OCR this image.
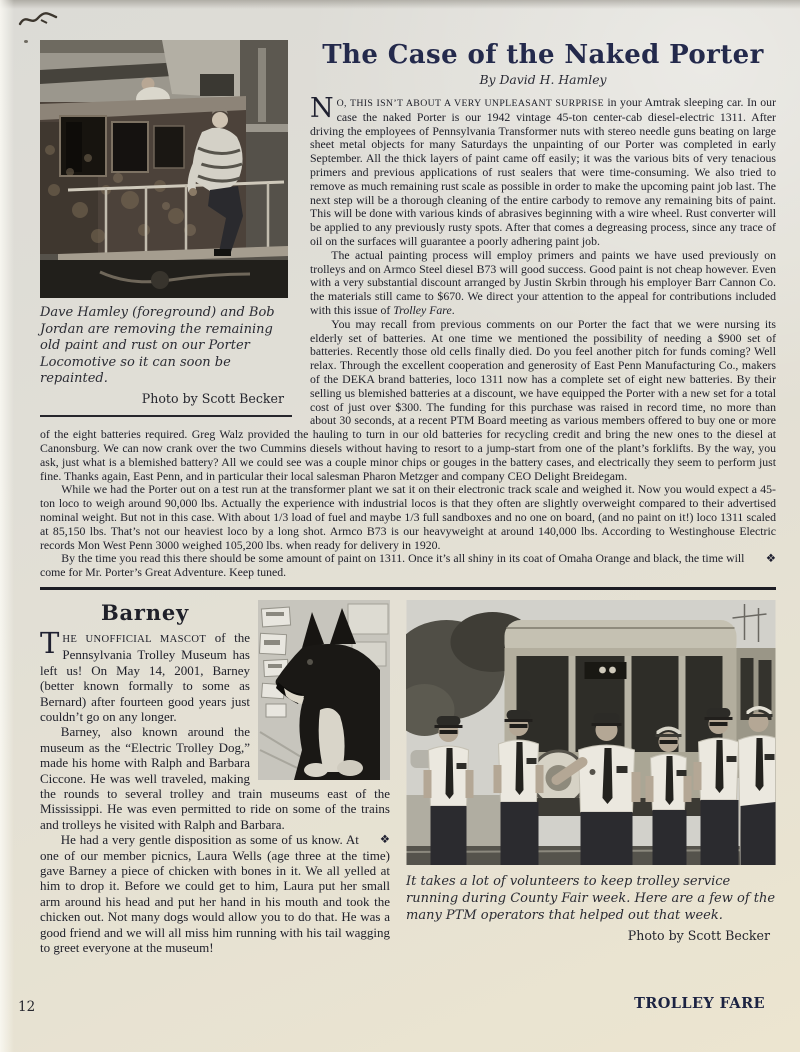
Dave Hamley (foreground) and Bob Jordan are removing the remaining old paint and rust on our Porter Locomotive so it can soon be repainted.
Photo by Scott Becker
The Case of the Naked Porter
By David H. Hamley

N O, THIS ISN’T ABOUT A VERY UNPLEASANT SURPRISE in your Amtrak sleeping car. In our case the naked Porter is our 1942 vintage 45-ton center-cab diesel-electric 1311. After driving the employees of Pennsylvania Transformer nuts with stereo needle guns beating on large sheet metal objects for many Saturdays the unpainting of our Porter was completed in early September. All the thick layers of paint came off easily; it was the various bits of very tenacious primers and previous applications of rust sealers that were time-consuming. We also tried to remove as much remaining rust scale as possible in order to make the upcoming paint job last. The next step will be a thorough cleaning of the entire carbody to remove any remaining bits of paint. This will be done with various kinds of abrasives beginning with a wire wheel. Rust converter will be applied to any previously rusty spots. After that comes a degreasing process, since any trace of oil on the surfaces will guarantee a poorly adhering paint job.

The actual painting process will employ primers and paints we have used previously on trolleys and on Armco Steel diesel B73 will good success. Good paint is not cheap however. Even with a very substantial discount arranged by Justin Skrbin through his employer Barr Cannon Co. the materials still came to $670. We direct your attention to the appeal for contributions included with this issue of Trolley Fare.

You may recall from previous comments on our Porter the fact that we were nursing its elderly set of batteries. At one time we mentioned the possibility of needing a $900 set of batteries. Recently those old cells finally died. Do you feel another pitch for funds coming? Well relax. Through the excellent cooperation and generosity of East Penn Manufacturing Co., makers of the DEKA brand batteries, loco 1311 now has a complete set of eight new batteries. By their selling us blemished batteries at a discount, we have equipped the Porter with a new set for a total cost of just over $300. The funding for this purchase was raised in record time, no more than about 30 seconds, at a recent PTM Board meeting as various members offered to buy one or more of the eight batteries required. Greg Walz provided the hauling to turn in our old batteries for recycling credit and bring the new ones to the diesel at Canonsburg. We can now crank over the two Cummins diesels without having to resort to a jump-start from one of the plant’s forklifts. By the way, you ask, just what is a blemished battery? All we could see was a couple minor chips or gouges in the battery cases, and electrically they seem to perform just fine. Thanks again, East Penn, and in particular their local salesman Pharon Metzger and company CEO Delight Breidegam.

While we had the Porter out on a test run at the transformer plant we sat it on their electronic track scale and weighed it. Now you would expect a 45-ton loco to weigh around 90,000 lbs. Actually the experience with industrial locos is that they often are slightly overweight compared to their advertised nominal weight. But not in this case. With about 1/3 load of fuel and maybe 1/3 full sandboxes and no one on board, (and no paint on it!) loco 1311 scaled at 85,150 lbs. That’s not our heaviest loco by a long shot. Armco B73 is our heavyweight at around 140,000 lbs. According to Westinghouse Electric records Mon West Penn 3000 weighed 105,200 lbs. when ready for delivery in 1920.

❖
By the time you read this there should be some amount of paint on 1311. Once it’s all shiny in its coat of Omaha Orange and black, the time will come for Mr. Porter’s Great Adventure. Keep tuned.

Barney

THE UNOFFICIAL MASCOT of the Pennsylvania Trolley Museum has left us! On May 14, 2001, Barney (better known formally to some as Bernard) after fourteen good years just couldn’t go on any longer.

Barney, also known around the museum as the “Electric Trolley Dog,” made his home with Ralph and Barbara Ciccone. He was well traveled, making the rounds to several trolley and train museums east of the Mississippi. He was even permitted to ride on some of the trains and trolleys he visited with Ralph and Barbara.

❖
He had a very gentle disposition as some of us know. At one of our member picnics, Laura Wells (age three at the time) gave Barney a piece of chicken with bones in it. We all yelled at him to drop it. Before we could get to him, Laura put her small arm around his head and put her hand in his mouth and took the chicken out. Not many dogs would allow you to do that. He was a good friend and we will all miss him running with his tail wagging to greet everyone at the museum!

It takes a lot of volunteers to keep trolley service running during County Fair week. Here are a few of the many PTM operators that helped out that week.
Photo by Scott Becker
12	TROLLEY FARE
